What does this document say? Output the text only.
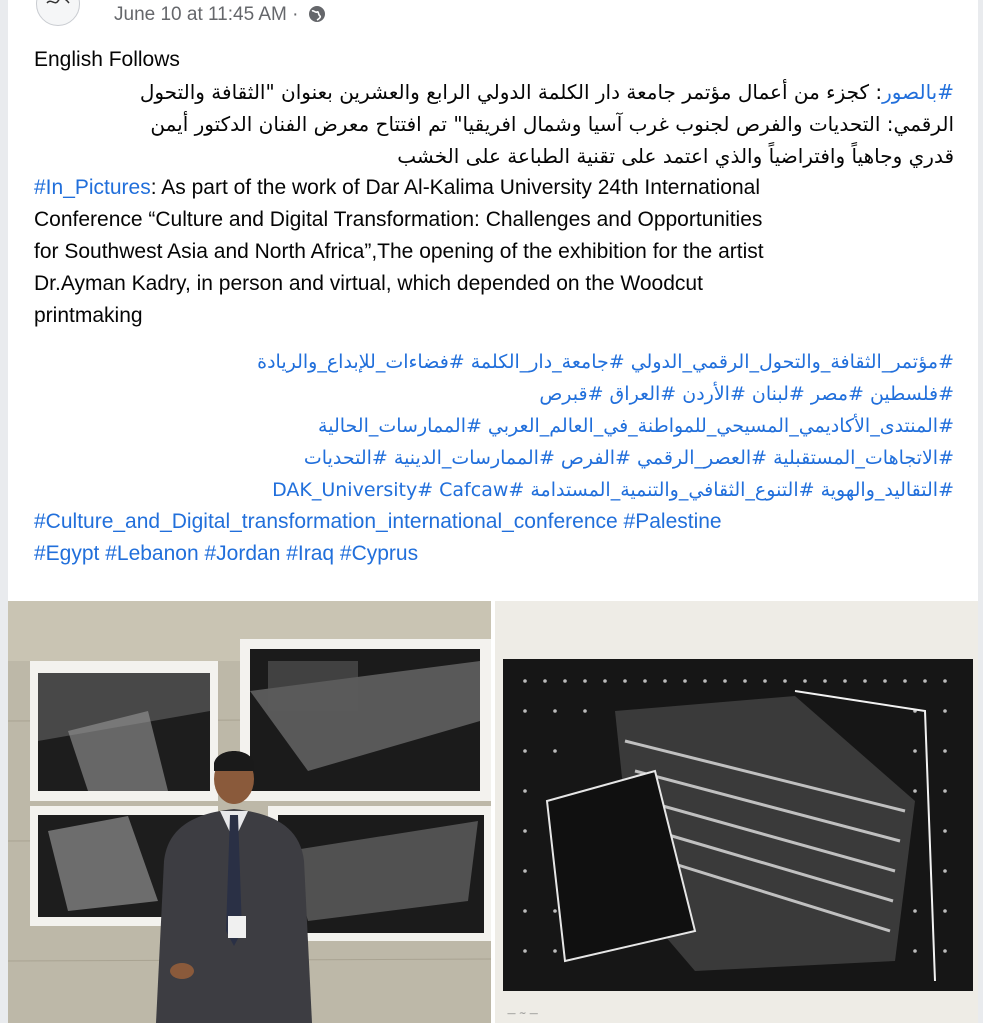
June 10 at 11:45 AM ·
English Follows

#بالصور: كجزء من أعمال مؤتمر جامعة دار الكلمة الدولي الرابع والعشرين بعنوان "الثقافة والتحول

الرقمي: التحديات والفرص لجنوب غرب آسيا وشمال افريقيا" تم افتتاح معرض الفنان الدكتور أيمن

قدري وجاهياً وافتراضياً والذي اعتمد على تقنية الطباعة على الخشب

#In_Pictures: As part of the work of Dar Al-Kalima University 24th International
Conference “Culture and Digital Transformation: Challenges and Opportunities
for Southwest Asia and North Africa”,The opening of the exhibition for the artist
Dr.Ayman Kadry, in person and virtual, which depended on the Woodcut
printmaking

#مؤتمر_الثقافة_والتحول_الرقمي_الدولي #جامعة_دار_الكلمة #فضاءات_للإبداع_والريادة

#فلسطين #مصر #لبنان #الأردن #العراق #قبرص

#المنتدى_الأكاديمي_المسيحي_للمواطنة_في_العالم_العربي #الممارسات_الحالية

#الاتجاهات_المستقبلية #العصر_الرقمي #الفرص #الممارسات_الدينية #التحديات

#التقاليد_والهوية #التنوع_الثقافي_والتنمية_المستدامة #DAK_University# Cafcaw

#Culture_and_Digital_transformation_international_conference #Palestine

#Egypt #Lebanon #Jordan #Iraq #Cyprus

— ~ —
